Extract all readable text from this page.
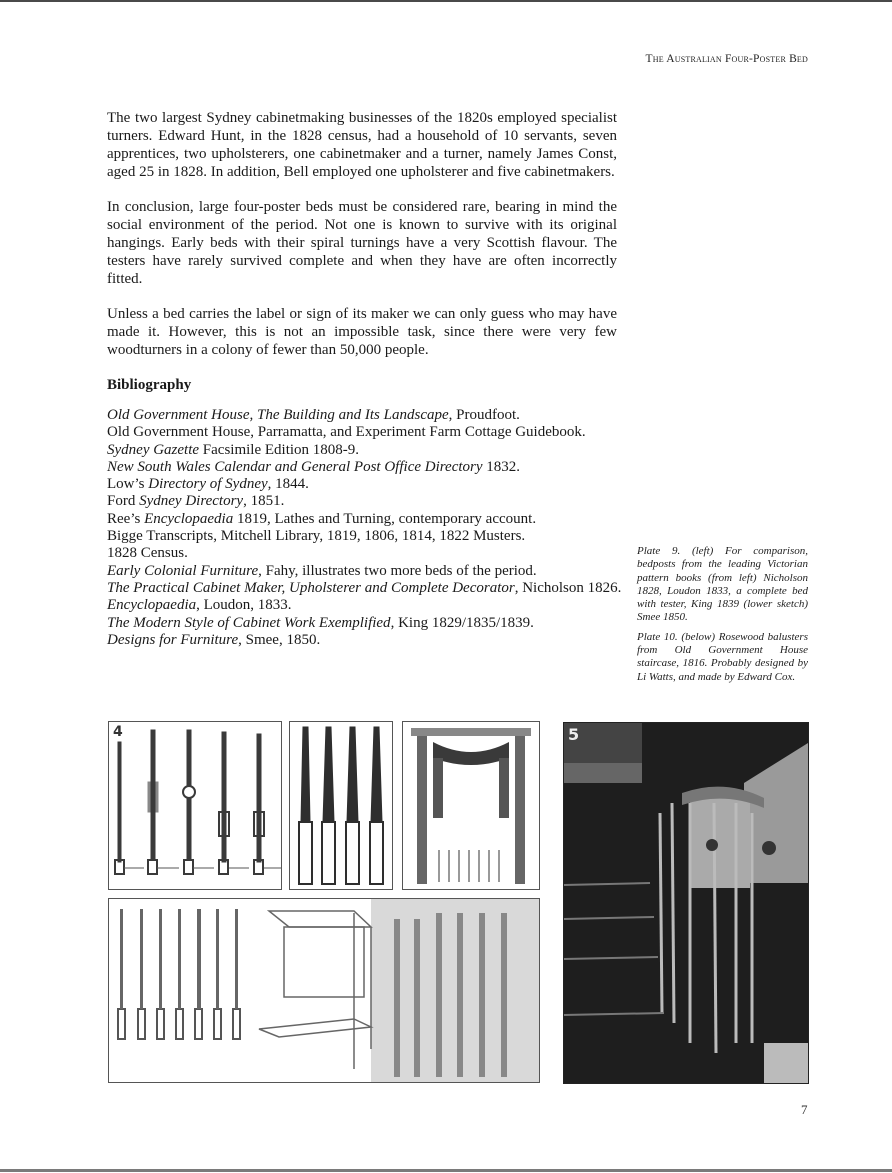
The Australian Four-Poster Bed

The two largest Sydney cabinetmaking businesses of the 1820s employed specialist turners. Edward Hunt, in the 1828 census, had a household of 10 servants, seven apprentices, two upholsterers, one cabinetmaker and a turner, namely James Const, aged 25 in 1828. In addition, Bell employed one upholsterer and five cabinetmakers.

In conclusion, large four-poster beds must be considered rare, bearing in mind the social environment of the period. Not one is known to survive with its original hangings. Early beds with their spiral turnings have a very Scottish flavour. The testers have rarely survived complete and when they have are often incorrectly fitted.

Unless a bed carries the label or sign of its maker we can only guess who may have made it. However, this is not an impossible task, since there were very few woodturners in a colony of fewer than 50,000 people.

Bibliography
Old Government House, The Building and Its Landscape, Proudfoot.
Old Government House, Parramatta, and Experiment Farm Cottage Guidebook.
Sydney Gazette Facsimile Edition 1808-9.
New South Wales Calendar and General Post Office Directory 1832.
Low’s Directory of Sydney, 1844.
Ford Sydney Directory, 1851.
Ree’s Encyclopaedia 1819, Lathes and Turning, contemporary account.
Bigge Transcripts, Mitchell Library, 1819, 1806, 1814, 1822 Musters.
1828 Census.
Early Colonial Furniture, Fahy, illustrates two more beds of the period.
The Practical Cabinet Maker, Upholsterer and Complete Decorator, Nicholson 1826.
Encyclopaedia, Loudon, 1833.
The Modern Style of Cabinet Work Exemplified, King 1829/1835/1839.
Designs for Furniture, Smee, 1850.

Plate 9. (left) For comparison, bedposts from the leading Victorian pattern books (from left) Nicholson 1828, Loudon 1833, a complete bed with tester, King 1839 (lower sketch) Smee 1850.

Plate 10. (below) Rosewood balusters from Old Government House staircase, 1816. Probably designed by Li Watts, and made by Edward Cox.

4	5
7
